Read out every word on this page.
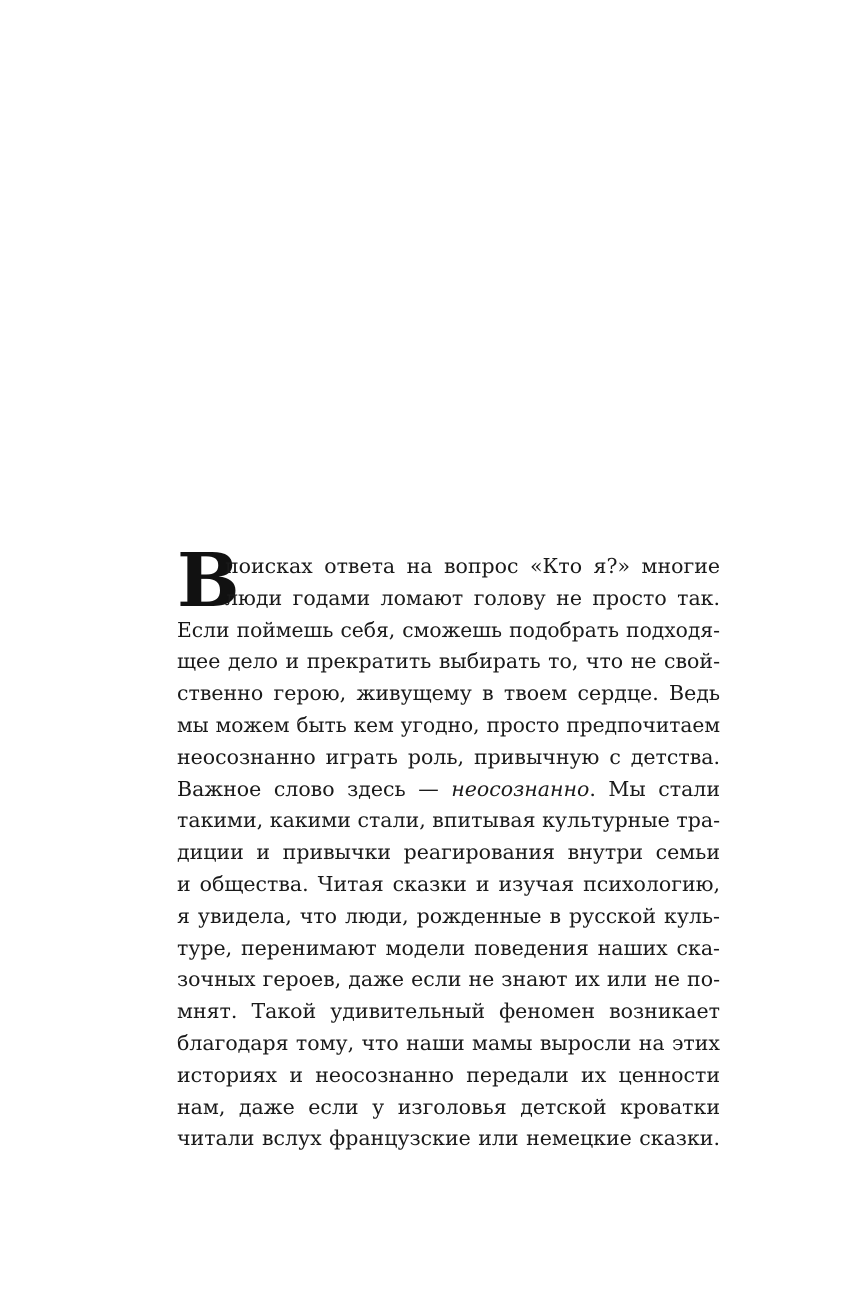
В
поисках ответа на вопрос «Кто я?» многие
люди годами ломают голову не просто так.
Если поймешь себя, сможешь подобрать подходя-
щее дело и прекратить выбирать то, что не свой-
ственно герою, живущему в твоем сердце. Ведь
мы можем быть кем угодно, просто предпочитаем
неосознанно играть роль, привычную с детства.
Важное слово здесь — неосознанно. Мы стали
такими, какими стали, впитывая культурные тра-
диции и привычки реагирования внутри семьи
и общества. Читая сказки и изучая психологию,
я увидела, что люди, рожденные в русской куль-
туре, перенимают модели поведения наших ска-
зочных героев, даже если не знают их или не по-
мнят. Такой удивительный феномен возникает
благодаря тому, что наши мамы выросли на этих
историях и неосознанно передали их ценности
нам, даже если у изголовья детской кроватки
читали вслух французские или немецкие сказки.
